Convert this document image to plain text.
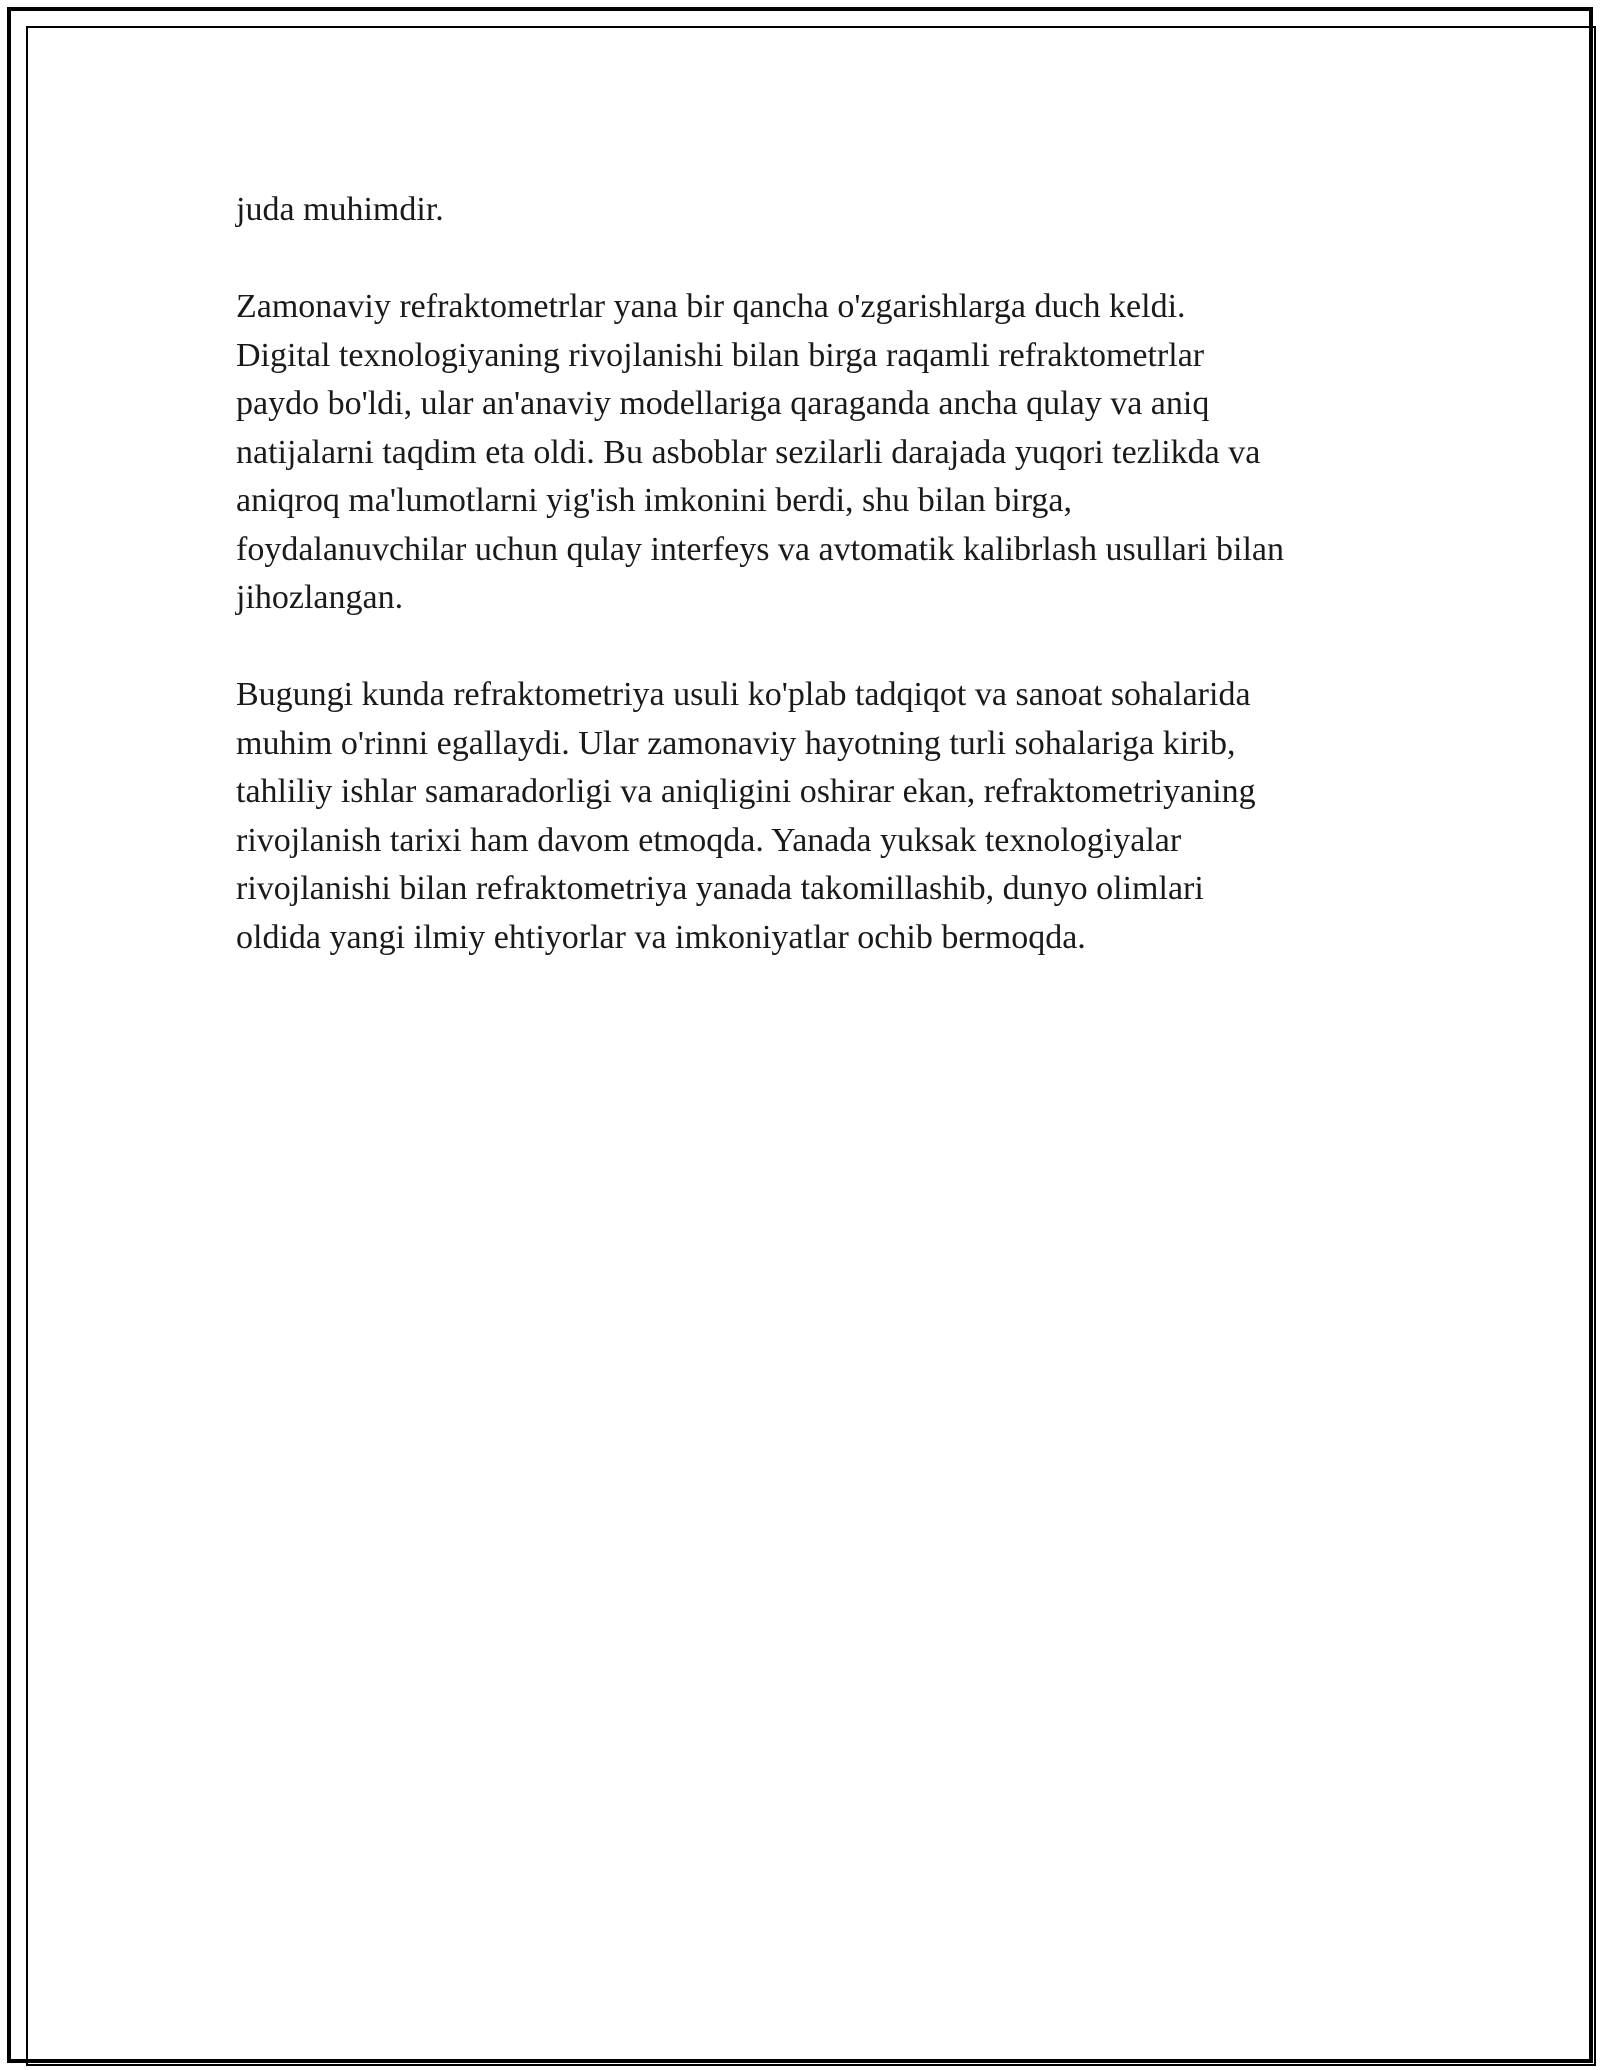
juda muhimdir.

Zamonaviy refraktometrlar yana bir qancha o'zgarishlarga duch keldi.
Digital texnologiyaning rivojlanishi bilan birga raqamli refraktometrlar
paydo bo'ldi, ular an'anaviy modellariga qaraganda ancha qulay va aniq
natijalarni taqdim eta oldi. Bu asboblar sezilarli darajada yuqori tezlikda va
aniqroq ma'lumotlarni yig'ish imkonini berdi, shu bilan birga,
foydalanuvchilar uchun qulay interfeys va avtomatik kalibrlash usullari bilan
jihozlangan.

Bugungi kunda refraktometriya usuli ko'plab tadqiqot va sanoat sohalarida
muhim o'rinni egallaydi. Ular zamonaviy hayotning turli sohalariga kirib,
tahliliy ishlar samaradorligi va aniqligini oshirar ekan, refraktometriyaning
rivojlanish tarixi ham davom etmoqda. Yanada yuksak texnologiyalar
rivojlanishi bilan refraktometriya yanada takomillashib, dunyo olimlari
oldida yangi ilmiy ehtiyorlar va imkoniyatlar ochib bermoqda.
